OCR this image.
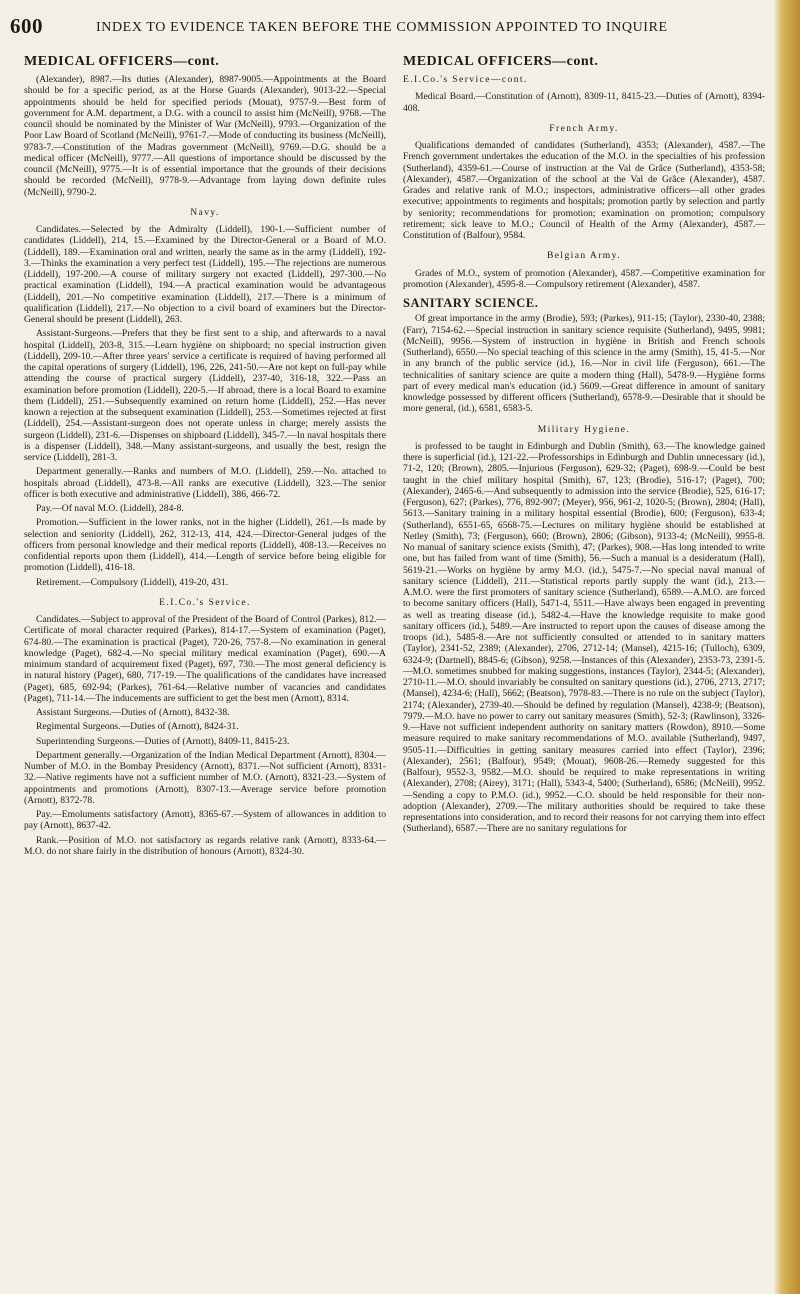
600	INDEX TO EVIDENCE TAKEN BEFORE THE COMMISSION APPOINTED TO INQUIRE
MEDICAL OFFICERS—cont.

(Alexander), 8987.—Its duties (Alexander), 8987-9005.—Appointments at the Board should be for a specific period, as at the Horse Guards (Alexander), 9013-22.—Special appointments should be held for specified periods (Mouat), 9757-9.—Best form of government for A.M. department, a D.G. with a council to assist him (McNeill), 9768.—The council should be nominated by the Minister of War (McNeill), 9793.—Organization of the Poor Law Board of Scotland (McNeill), 9761-7.—Mode of conducting its business (McNeill), 9783-7.—Constitution of the Madras government (McNeill), 9769.—D.G. should be a medical officer (McNeill), 9777.—All questions of importance should be discussed by the council (McNeill), 9775.—It is of essential importance that the grounds of their decisions should be recorded (McNeill), 9778-9.—Advantage from laying down definite rules (McNeill), 9790-2.

Navy.

Candidates.—Selected by the Admiralty (Liddell), 190-1.—Sufficient number of candidates (Liddell), 214, 15.—Examined by the Director-General or a Board of M.O. (Liddell), 189.—Examination oral and written, nearly the same as in the army (Liddell), 192-3.—Thinks the examination a very perfect test (Liddell), 195.—The rejections are numerous (Liddell), 197-200.—A course of military surgery not exacted (Liddell), 297-300.—No practical examination (Liddell), 194.—A practical examination would be advantageous (Liddell), 201.—No competitive examination (Liddell), 217.—There is a minimum of qualification (Liddell), 217.—No objection to a civil board of examiners but the Director-General should be present (Liddell), 263.

Assistant-Surgeons.—Prefers that they be first sent to a ship, and afterwards to a naval hospital (Liddell), 203-8, 315.—Learn hygiène on shipboard; no special instruction given (Liddell), 209-10.—After three years' service a certificate is required of having performed all the capital operations of surgery (Liddell), 196, 226, 241-50.—Are not kept on full-pay while attending the course of practical surgery (Liddell), 237-40, 316-18, 322.—Pass an examination before promotion (Liddell), 220-5.—If abroad, there is a local Board to examine them (Liddell), 251.—Subsequently examined on return home (Liddell), 252.—Has never known a rejection at the subsequent examination (Liddell), 253.—Sometimes rejected at first (Liddell), 254.—Assistant-surgeon does not operate unless in charge; merely assists the surgeon (Liddell), 231-6.—Dispenses on shipboard (Liddell), 345-7.—In naval hospitals there is a dispenser (Liddell), 348.—Many assistant-surgeons, and usually the best, resign the service (Liddell), 281-3.

Department generally.—Ranks and numbers of M.O. (Liddell), 259.—No. attached to hospitals abroad (Liddell), 473-8.—All ranks are executive (Liddell), 323.—The senior officer is both executive and administrative (Liddell), 386, 466-72.

Pay.—Of naval M.O. (Liddell), 284-8.

Promotion.—Sufficient in the lower ranks, not in the higher (Liddell), 261.—Is made by selection and seniority (Liddell), 262, 312-13, 414, 424.—Director-General judges of the officers from personal knowledge and their medical reports (Liddell), 408-13.—Receives no confidential reports upon them (Liddell), 414.—Length of service before being eligible for promotion (Liddell), 416-18.

Retirement.—Compulsory (Liddell), 419-20, 431.

E.I.Co.'s Service.

Candidates.—Subject to approval of the President of the Board of Control (Parkes), 812.—Certificate of moral character required (Parkes), 814-17.—System of examination (Paget), 674-80.—The examination is practical (Paget), 720-26, 757-8.—No examination in general knowledge (Paget), 682-4.—No special military medical examination (Paget), 690.—A minimum standard of acquirement fixed (Paget), 697, 730.—The most general deficiency is in natural history (Paget), 680, 717-19.—The qualifications of the candidates have increased (Paget), 685, 692-94; (Parkes), 761-64.—Relative number of vacancies and candidates (Paget), 711-14.—The inducements are sufficient to get the best men (Arnott), 8314.

Assistant Surgeons.—Duties of (Arnott), 8432-38.

Regimental Surgeons.—Duties of (Arnott), 8424-31.

Superintending Surgeons.—Duties of (Arnott), 8409-11, 8415-23.

Department generally.—Organization of the Indian Medical Department (Arnott), 8304.—Number of M.O. in the Bombay Presidency (Arnott), 8371.—Not sufficient (Arnott), 8331-32.—Native regiments have not a sufficient number of M.O. (Arnott), 8321-23.—System of appointments and promotions (Arnott), 8307-13.—Average service before promotion (Arnott), 8372-78.

Pay.—Emoluments satisfactory (Arnott), 8365-67.—System of allowances in addition to pay (Arnott), 8637-42.

Rank.—Position of M.O. not satisfactory as regards relative rank (Arnott), 8333-64.—M.O. do not share fairly in the distribution of honours (Arnott), 8324-30.

MEDICAL OFFICERS—cont.
E.I.Co.'s Service—cont.

Medical Board.—Constitution of (Arnott), 8309-11, 8415-23.—Duties of (Arnott), 8394-408.

French Army.

Qualifications demanded of candidates (Sutherland), 4353; (Alexander), 4587.—The French government undertakes the education of the M.O. in the specialties of his profession (Sutherland), 4359-61.—Course of instruction at the Val de Grâce (Sutherland), 4353-58; (Alexander), 4587.—Organization of the school at the Val de Grâce (Alexander), 4587. Grades and relative rank of M.O.; inspectors, administrative officers—all other grades executive; appointments to regiments and hospitals; promotion partly by selection and partly by seniority; recommendations for promotion; examination on promotion; compulsory retirement; sick leave to M.O.; Council of Health of the Army (Alexander), 4587.—Constitution of (Balfour), 9584.

Belgian Army.

Grades of M.O., system of promotion (Alexander), 4587.—Competitive examination for promotion (Alexander), 4595-8.—Compulsory retirement (Alexander), 4587.

SANITARY SCIENCE.

Of great importance in the army (Brodie), 593; (Parkes), 911-15; (Taylor), 2330-40, 2388; (Farr), 7154-62.—Special instruction in sanitary science requisite (Sutherland), 9495, 9981; (McNeill), 9956.—System of instruction in hygiène in British and French schools (Sutherland), 6550.—No special teaching of this science in the army (Smith), 15, 41-5.—Nor in any branch of the public service (id.), 16.—Nor in civil life (Ferguson), 661.—The technicalities of sanitary science are quite a modern thing (Hall), 5478-9.—Hygiène forms part of every medical man's education (id.) 5609.—Great difference in amount of sanitary knowledge possessed by different officers (Sutherland), 6578-9.—Desirable that it should be more general, (id.), 6581, 6583-5.

Military Hygiene.

is professed to be taught in Edinburgh and Dublin (Smith), 63.—The knowledge gained there is superficial (id.), 121-22.—Professorships in Edinburgh and Dublin unnecessary (id.), 71-2, 120; (Brown), 2805.—Injurious (Ferguson), 629-32; (Paget), 698-9.—Could be best taught in the chief military hospital (Smith), 67, 123; (Brodie), 516-17; (Paget), 700; (Alexander), 2465-6.—And subsequently to admission into the service (Brodie), 525, 616-17; (Ferguson), 627; (Parkes), 776, 892-907; (Meyer), 956, 961-2, 1020-5; (Brown), 2804; (Hall), 5613.—Sanitary training in a military hospital essential (Brodie), 600; (Ferguson), 633-4; (Sutherland), 6551-65, 6568-75.—Lectures on military hygiène should be established at Netley (Smith), 73; (Ferguson), 660; (Brown), 2806; (Gibson), 9133-4; (McNeill), 9955-8. No manual of sanitary science exists (Smith), 47; (Parkes), 908.—Has long intended to write one, but has failed from want of time (Smith), 56.—Such a manual is a desideratum (Hall), 5619-21.—Works on hygiène by army M.O. (id.), 5475-7.—No special naval manual of sanitary science (Liddell), 211.—Statistical reports partly supply the want (id.), 213.—A.M.O. were the first promoters of sanitary science (Sutherland), 6589.—A.M.O. are forced to become sanitary officers (Hall), 5471-4, 5511.—Have always been engaged in preventing as well as treating disease (id.), 5482-4.—Have the knowledge requisite to make good sanitary officers (id.), 5489.—Are instructed to report upon the causes of disease among the troops (id.), 5485-8.—Are not sufficiently consulted or attended to in sanitary matters (Taylor), 2341-52, 2389; (Alexander), 2706, 2712-14; (Mansel), 4215-16; (Tulloch), 6309, 6324-9; (Dartnell), 8845-6; (Gibson), 9258.—Instances of this (Alexander), 2353-73, 2391-5.—M.O. sometimes snubbed for making suggestions, instances (Taylor), 2344-5; (Alexander), 2710-11.—M.O. should invariably be consulted on sanitary questions (id.), 2706, 2713, 2717; (Mansel), 4234-6; (Hall), 5662; (Beatson), 7978-83.—There is no rule on the subject (Taylor), 2174; (Alexander), 2739-40.—Should be defined by regulation (Mansel), 4238-9; (Beatson), 7979.—M.O. have no power to carry out sanitary measures (Smith), 52-3; (Rawlinson), 3326-9.—Have not sufficient independent authority on sanitary matters (Rowdon), 8910.—Some measure required to make sanitary recommendations of M.O. available (Sutherland), 9497, 9505-11.—Difficulties in getting sanitary measures carried into effect (Taylor), 2396; (Alexander), 2561; (Balfour), 9549; (Mouat), 9608-26.—Remedy suggested for this (Balfour), 9552-3, 9582.—M.O. should be required to make representations in writing (Alexander), 2708; (Airey), 3171; (Hall), 5343-4, 5400; (Sutherland), 6586; (McNeill), 9952.—Sending a copy to P.M.O. (id.), 9952.—C.O. should be held responsible for their non-adoption (Alexander), 2709.—The military authorities should be required to take these representations into consideration, and to record their reasons for not carrying them into effect (Sutherland), 6587.—There are no sanitary regulations for
